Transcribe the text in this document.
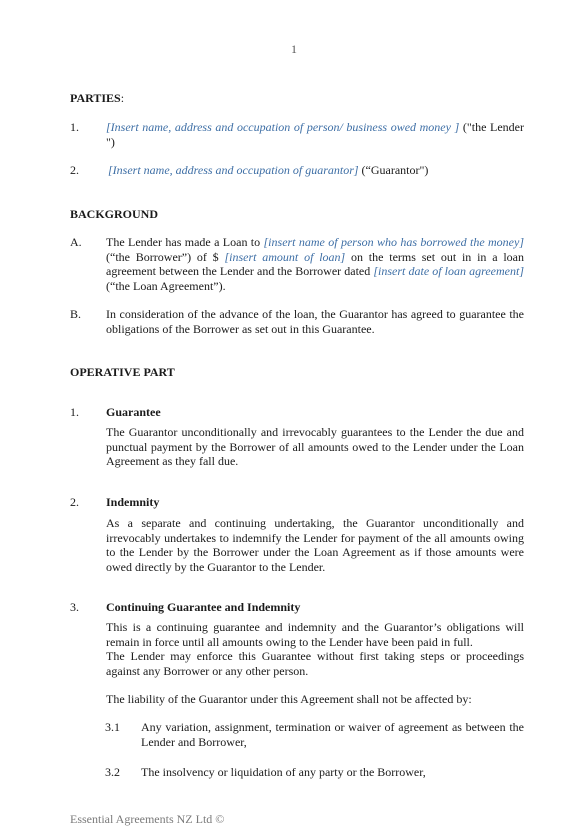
1
PARTIES:
1. [Insert name, address and occupation of person/ business owed money ] ("the Lender ")
2. [Insert name, address and occupation of guarantor] (“Guarantor")
BACKGROUND
A. The Lender has made a Loan to [insert name of person who has borrowed the money] (“the Borrower”) of $ [insert amount of loan] on the terms set out in in a loan agreement between the Lender and the Borrower dated [insert date of loan agreement] (“the Loan Agreement”).
B. In consideration of the advance of the loan, the Guarantor has agreed to guarantee the obligations of the Borrower as set out in this Guarantee.
OPERATIVE PART
1. Guarantee
The Guarantor unconditionally and irrevocably guarantees to the Lender the due and punctual payment by the Borrower of all amounts owed to the Lender under the Loan Agreement as they fall due.
2. Indemnity
As a separate and continuing undertaking, the Guarantor unconditionally and irrevocably undertakes to indemnify the Lender for payment of the all amounts owing to the Lender by the Borrower under the Loan Agreement as if those amounts were owed directly by the Guarantor to the Lender.
3. Continuing Guarantee and Indemnity
This is a continuing guarantee and indemnity and the Guarantor’s obligations will remain in force until all amounts owing to the Lender have been paid in full.
The Lender may enforce this Guarantee without first taking steps or proceedings against any Borrower or any other person.
The liability of the Guarantor under this Agreement shall not be affected by:
3.1 Any variation, assignment, termination or waiver of agreement as between the Lender and Borrower,
3.2 The insolvency or liquidation of any party or the Borrower,
Essential Agreements NZ Ltd ©
